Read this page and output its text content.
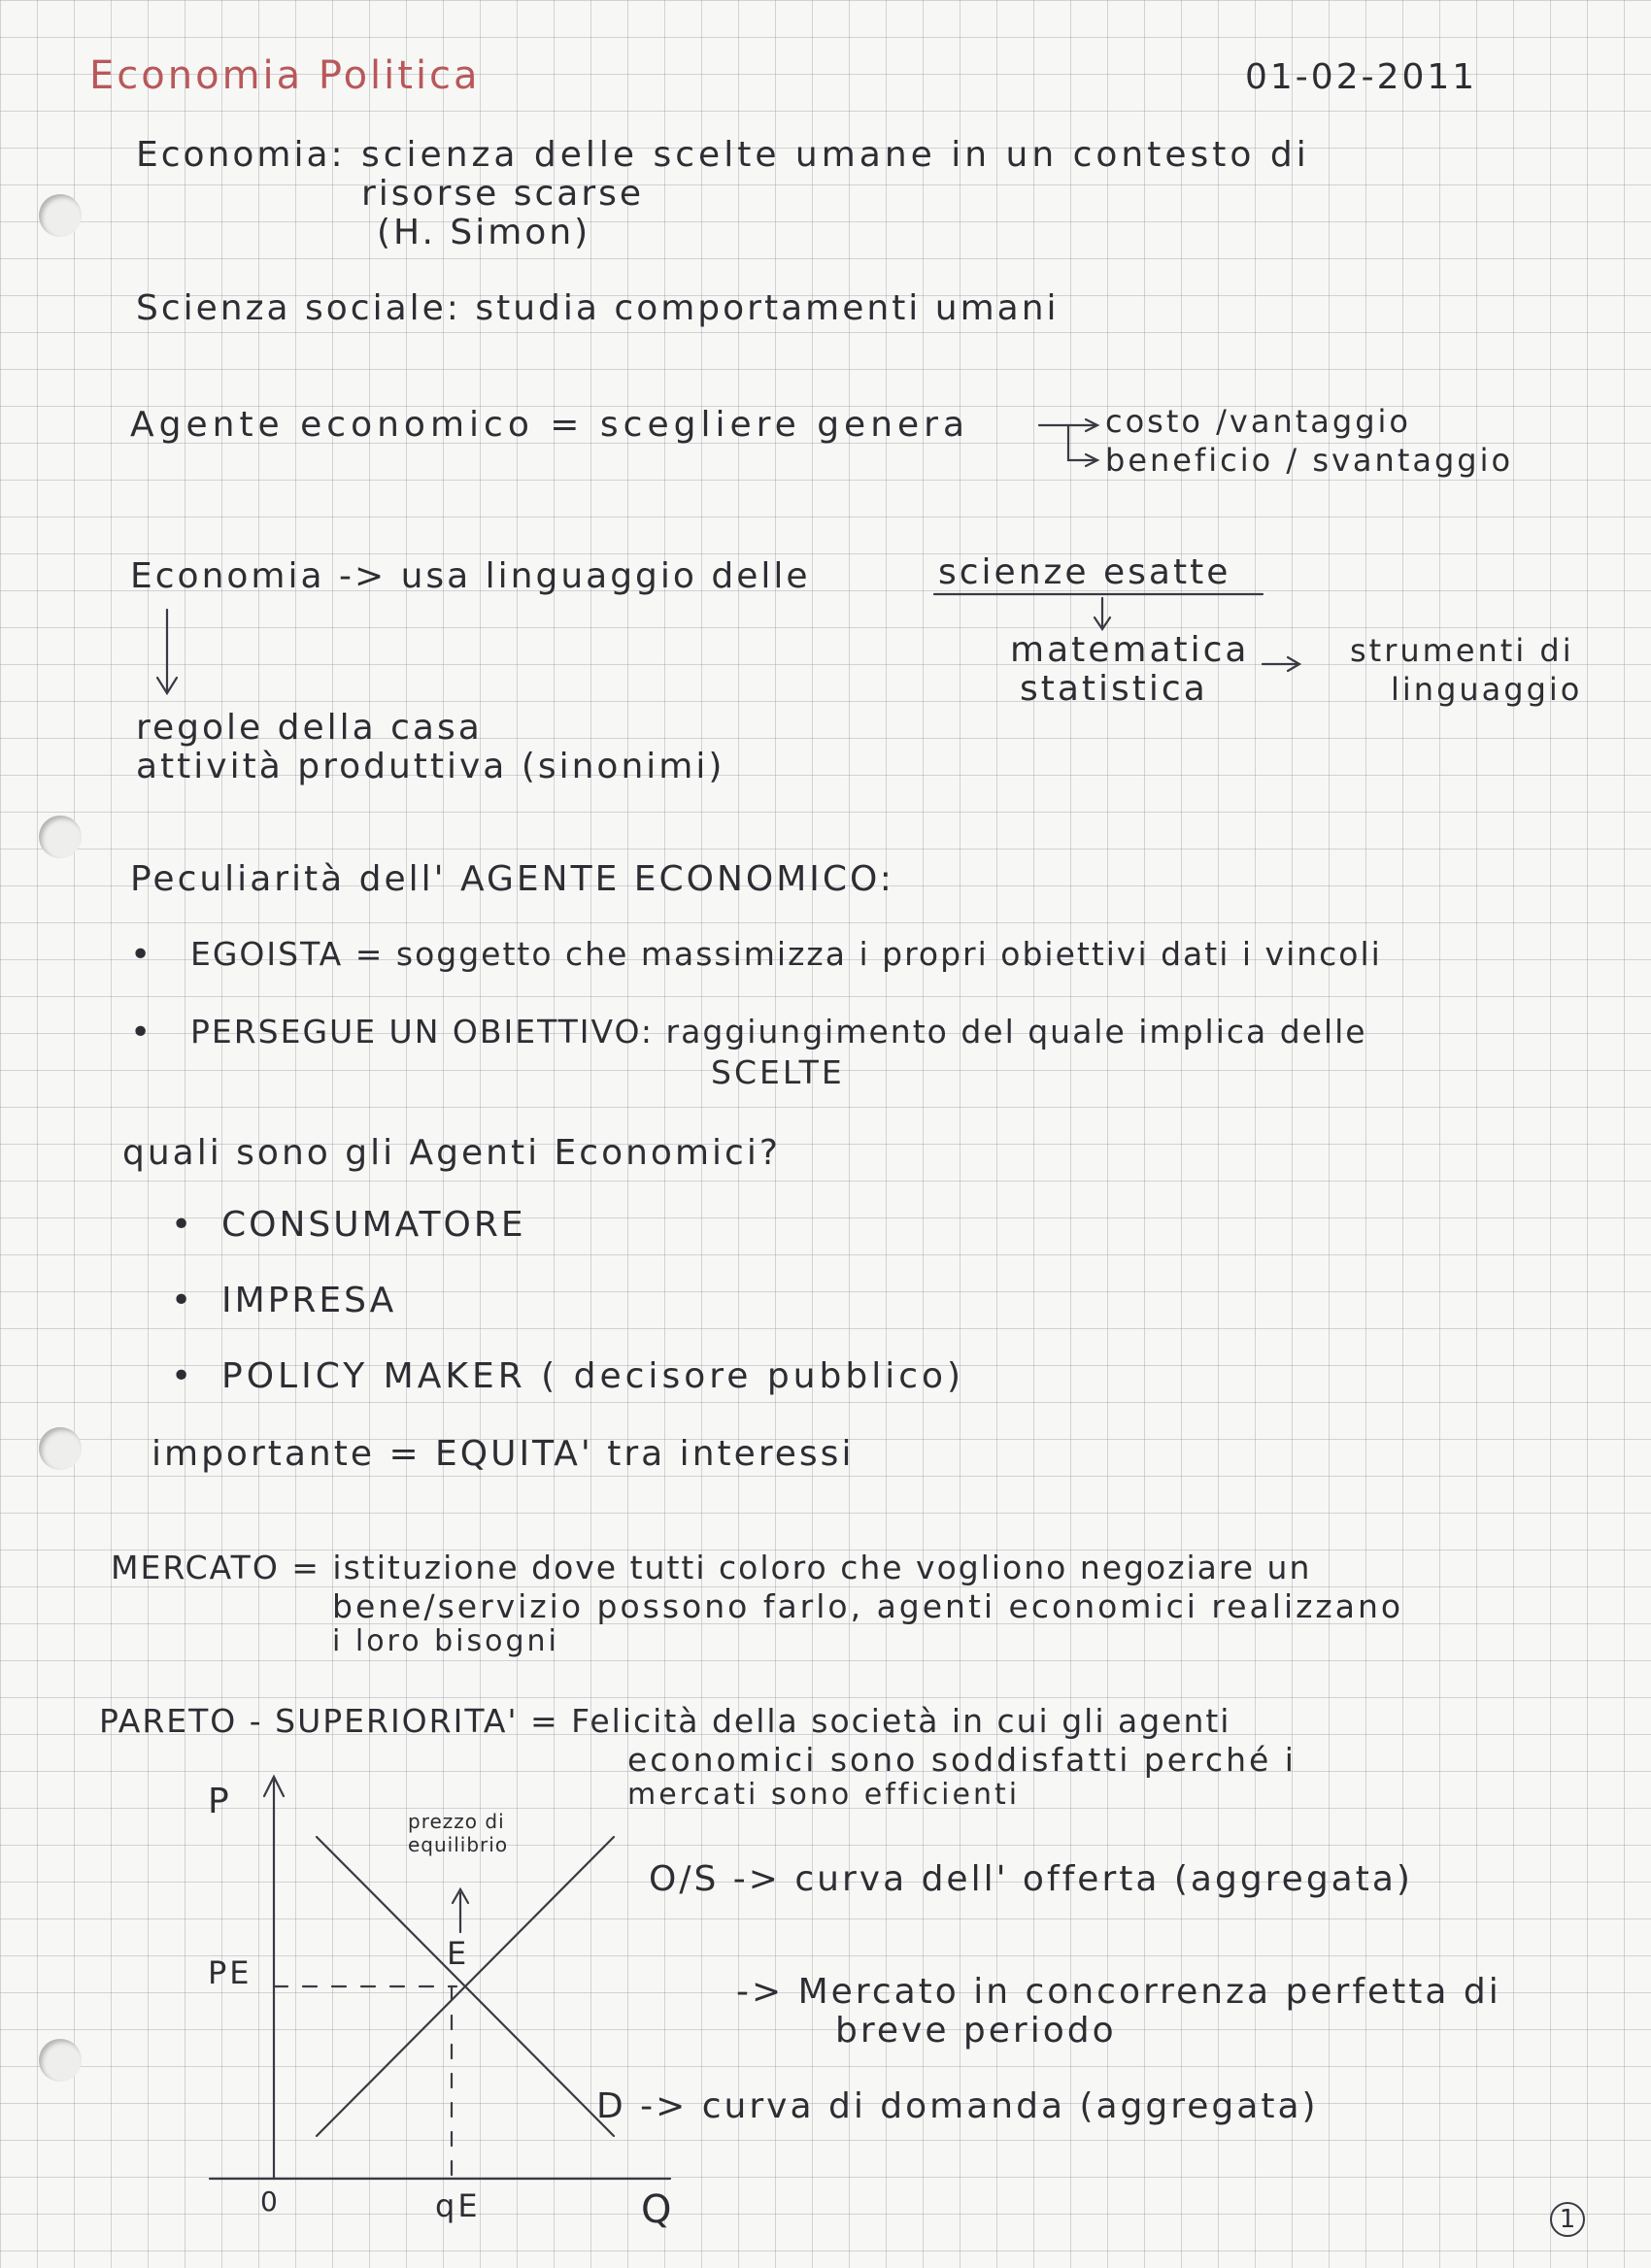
Economia Politica	01-02-2011
Economia: scienza delle scelte umane in un contesto di
risorse scarse
(H. Simon)
Scienza sociale: studia comportamenti umani
Agente economico = scegliere genera	costo /vantaggio
beneficio / svantaggio
Economia -> usa linguaggio delle	scienze esatte
matematica
statistica
strumenti di
linguaggio
regole della casa
attività produttiva (sinonimi)
Peculiarità dell' AGENTE ECONOMICO:
• EGOISTA = soggetto che massimizza i propri obiettivi dati i vincoli
• PERSEGUE UN OBIETTIVO: raggiungimento del quale implica delle
SCELTE
quali sono gli Agenti Economici?
• CONSUMATORE
• IMPRESA
• POLICY MAKER ( decisore pubblico)
importante = EQUITA' tra interessi
MERCATO = istituzione dove tutti coloro che vogliono negoziare un
bene/servizio possono farlo, agenti economici realizzano
i loro bisogni
PARETO - SUPERIORITA' = Felicità della società in cui gli agenti
economici sono soddisfatti perché i
mercati sono efficienti
P
Q
0
PE
qE
E
prezzo di
equilibrio
O/S -> curva dell' offerta (aggregata)
-> Mercato in concorrenza perfetta di
breve periodo
D -> curva di domanda (aggregata)
1
